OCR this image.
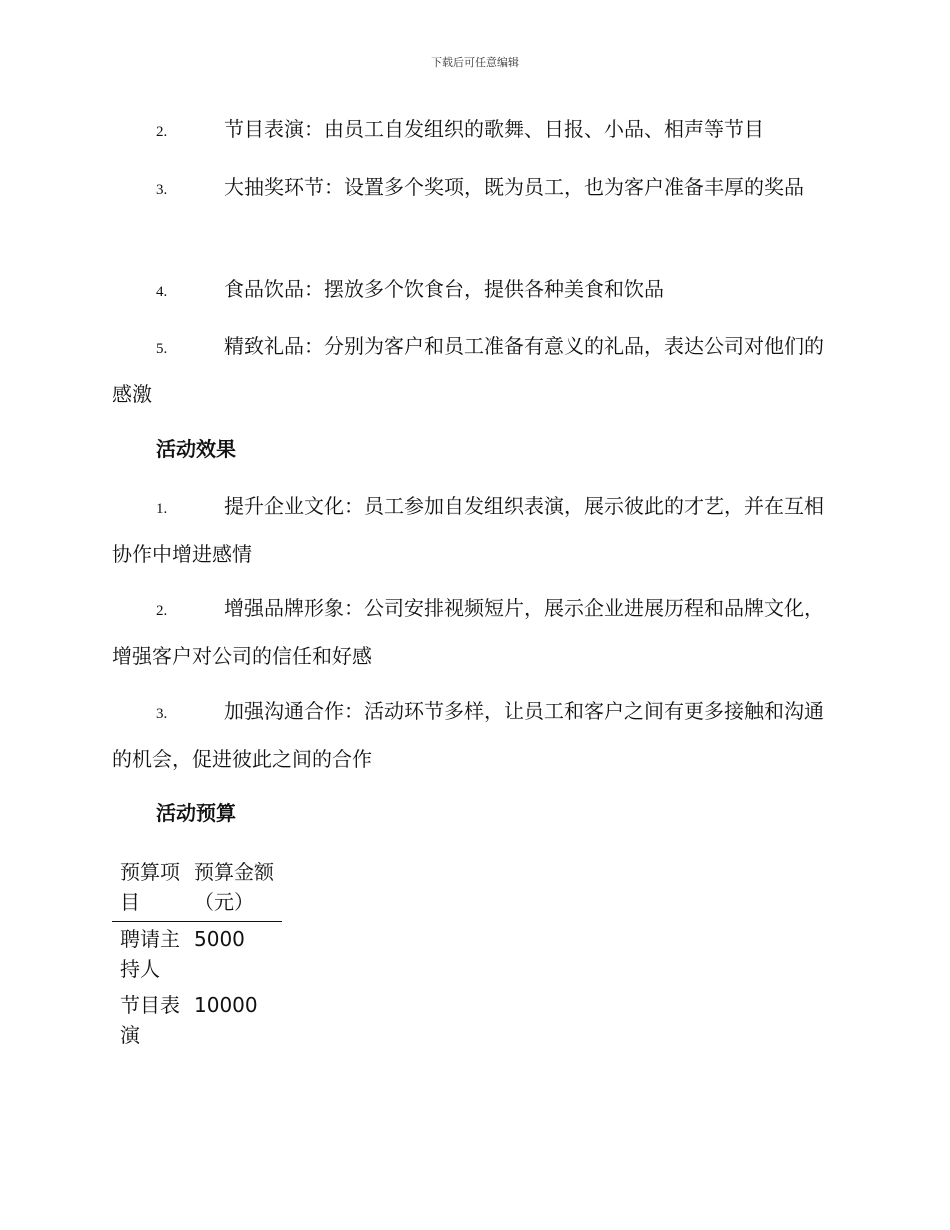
下载后可任意编辑

2.	节目表演：由员工自发组织的歌舞、日报、小品、相声等节目

3.	大抽奖环节：设置多个奖项，既为员工，也为客户准备丰厚的奖品

4.	食品饮品：摆放多个饮食台，提供各种美食和饮品

5.	精致礼品：分别为客户和员工准备有意义的礼品，表达公司对他们的感激

活动效果

1.	提升企业文化：员工参加自发组织表演，展示彼此的才艺，并在互相协作中增进感情

2.	增强品牌形象：公司安排视频短片，展示企业进展历程和品牌文化，增强客户对公司的信任和好感

3.	加强沟通合作：活动环节多样，让员工和客户之间有更多接触和沟通的机会，促进彼此之间的合作

活动预算
预算项目	预算金额（元）
聘请主持人	5000
节目表演	10000
